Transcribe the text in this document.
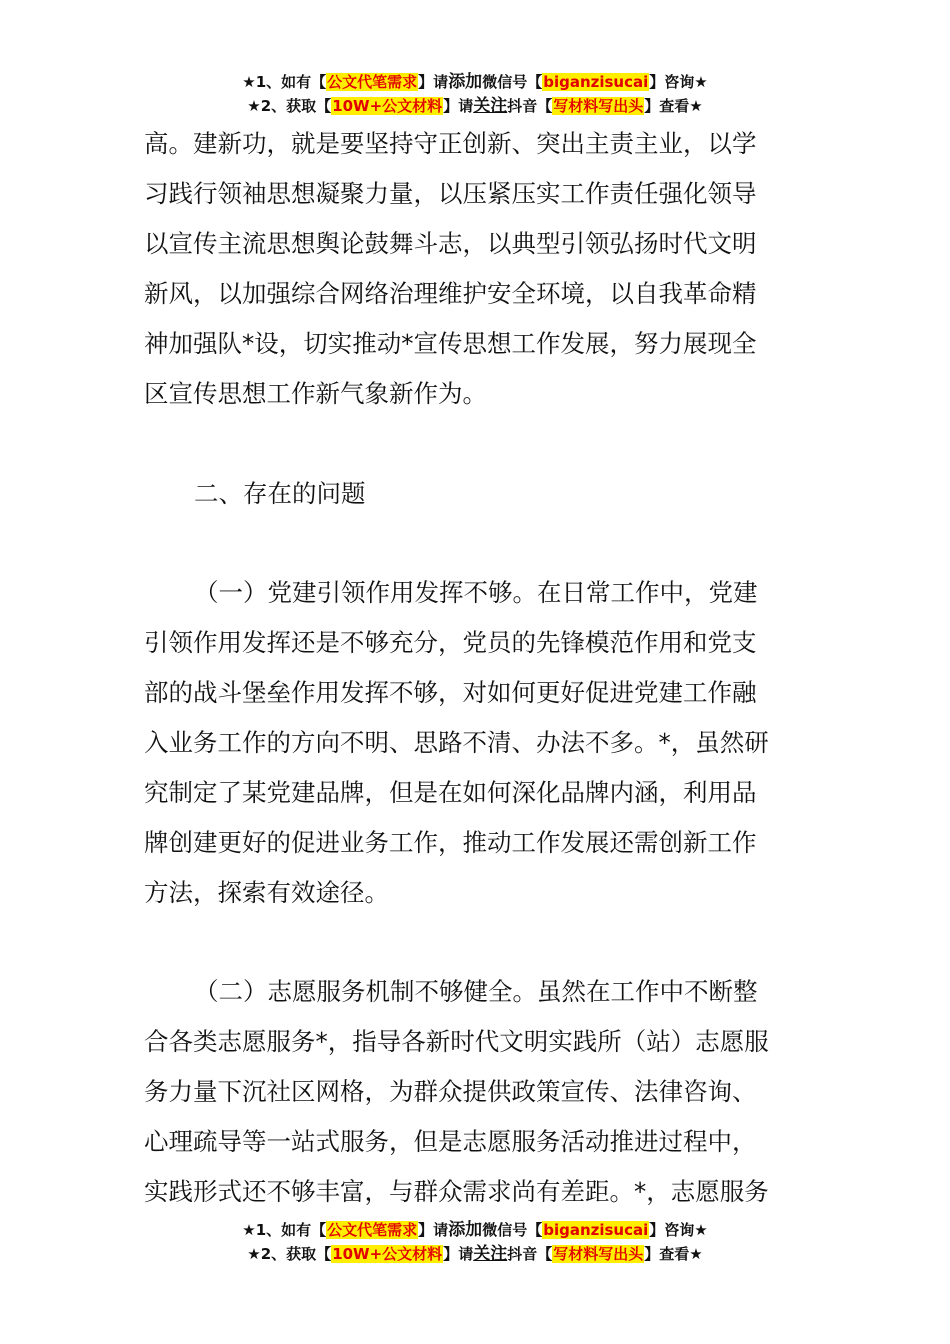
★1、如有【公文代笔需求】请添加微信号【biganzisucai】咨询★
★2、获取【10W+公文材料】请关注抖音【写材料写出头】查看★
高。建新功，就是要坚持守正创新、突出主责主业，以学
习践行领袖思想凝聚力量，以压紧压实工作责任强化领导
以宣传主流思想舆论鼓舞斗志，以典型引领弘扬时代文明
新风，以加强综合网络治理维护安全环境，以自我革命精
神加强队*设，切实推动*宣传思想工作发展，努力展现全
区宣传思想工作新气象新作为。
二、存在的问题
（一）党建引领作用发挥不够。在日常工作中，党建
引领作用发挥还是不够充分，党员的先锋模范作用和党支
部的战斗堡垒作用发挥不够，对如何更好促进党建工作融
入业务工作的方向不明、思路不清、办法不多。*，虽然研
究制定了某党建品牌，但是在如何深化品牌内涵，利用品
牌创建更好的促进业务工作，推动工作发展还需创新工作
方法，探索有效途径。
（二）志愿服务机制不够健全。虽然在工作中不断整
合各类志愿服务*，指导各新时代文明实践所（站）志愿服
务力量下沉社区网格，为群众提供政策宣传、法律咨询、
心理疏导等一站式服务，但是志愿服务活动推进过程中，
实践形式还不够丰富，与群众需求尚有差距。*，志愿服务
★1、如有【公文代笔需求】请添加微信号【biganzisucai】咨询★
★2、获取【10W+公文材料】请关注抖音【写材料写出头】查看★
